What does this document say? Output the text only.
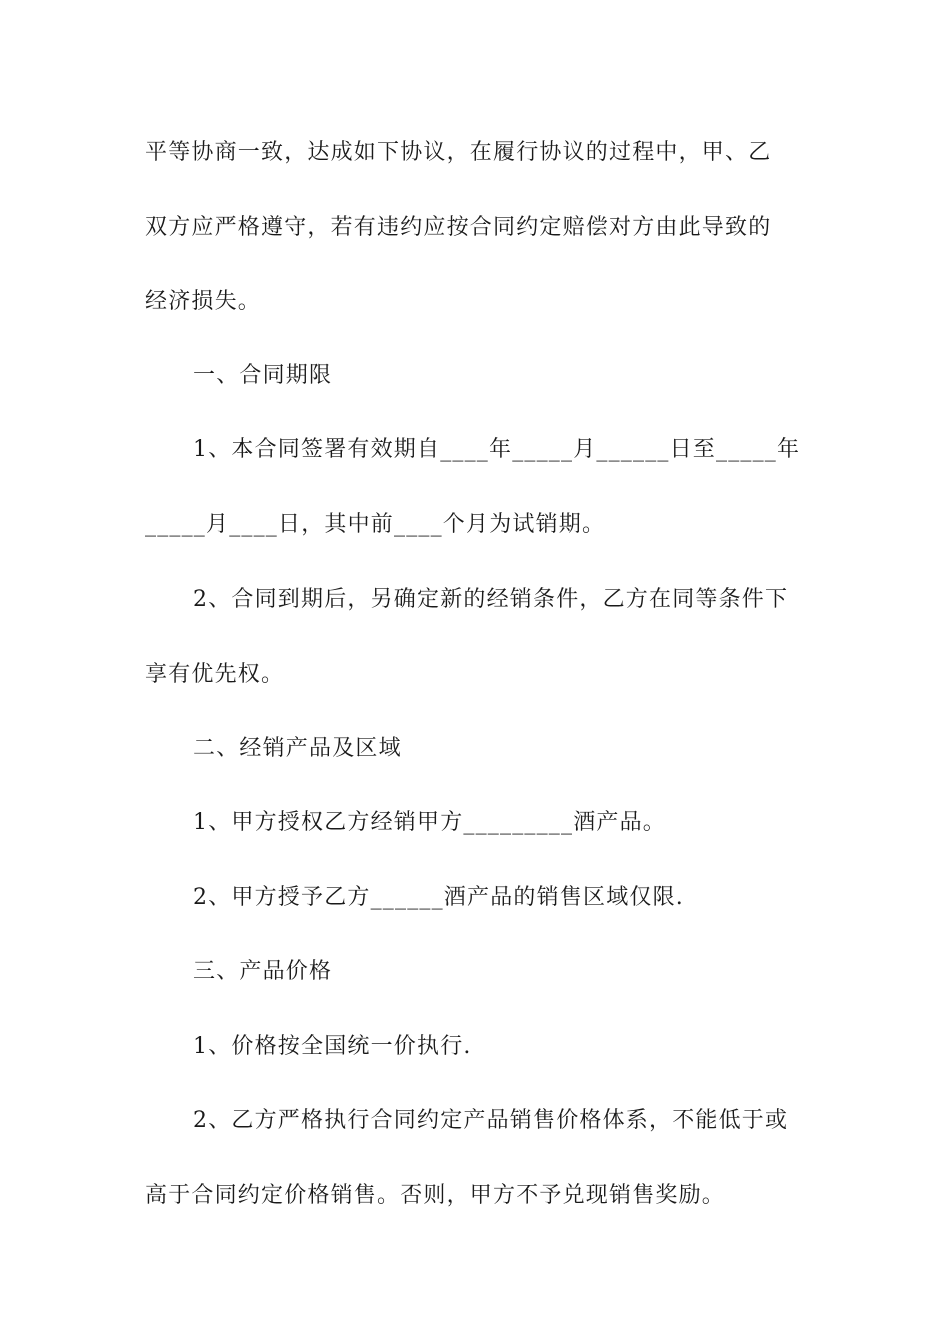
平等协商一致，达成如下协议，在履行协议的过程中，甲、乙
双方应严格遵守，若有违约应按合同约定赔偿对方由此导致的
经济损失。
一、合同期限
1、本合同签署有效期自____年_____月______日至_____年
_____月____日，其中前____个月为试销期。
2、合同到期后，另确定新的经销条件，乙方在同等条件下
享有优先权。
二、经销产品及区域
1、甲方授权乙方经销甲方_________酒产品。
2、甲方授予乙方______酒产品的销售区域仅限.
三、产品价格
1、价格按全国统一价执行.
2、乙方严格执行合同约定产品销售价格体系，不能低于或
高于合同约定价格销售。否则，甲方不予兑现销售奖励。
